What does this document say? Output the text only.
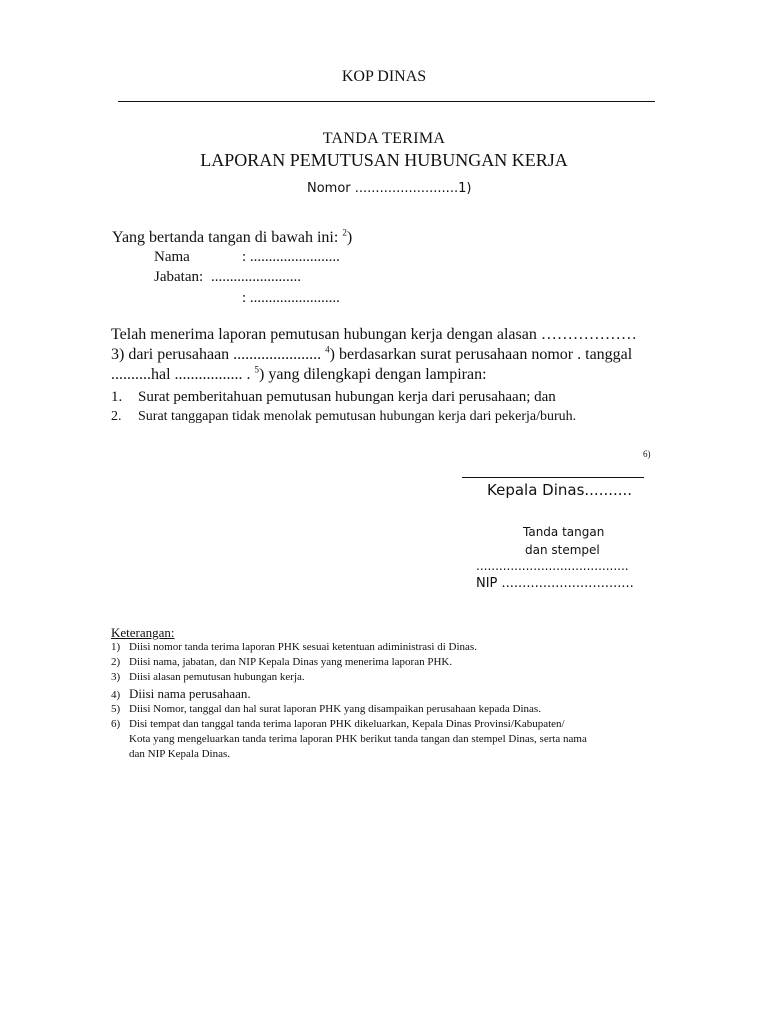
KOP DINAS
TANDA TERIMA
LAPORAN PEMUTUSAN HUBUNGAN KERJA
Nomor .........................1)
Yang bertanda tangan di bawah ini: $^2$)
Nama	: ........................
Jabatan: ........................
: ........................
Telah menerima laporan pemutusan hubungan kerja dengan alasan ………………
3) dari perusahaan ...................... $^4$) berdasarkan surat perusahaan nomor . tanggal
..........hal ................. . $^5$) yang dilengkapi dengan lampiran:
1. Surat pemberitahuan pemutusan hubungan kerja dari perusahaan; dan
2. Surat tanggapan tidak menolak pemutusan hubungan kerja dari pekerja/buruh.
6)
Kepala Dinas..........
Tanda tangan
dan stempel
........................................
NIP ................................
Keterangan:
1) Diisi nomor tanda terima laporan PHK sesuai ketentuan adiministrasi di Dinas.
2) Diisi nama, jabatan, dan NIP Kepala Dinas yang menerima laporan PHK.
3) Diisi alasan pemutusan hubungan kerja.
4) Diisi nama perusahaan.
5) Diisi Nomor, tanggal dan hal surat laporan PHK yang disampaikan perusahaan kepada Dinas.
6) Disi tempat dan tanggal tanda terima laporan PHK dikeluarkan, Kepala Dinas Provinsi/Kabupaten/
Kota yang mengeluarkan tanda terima laporan PHK berikut tanda tangan dan stempel Dinas, serta nama
dan NIP Kepala Dinas.
